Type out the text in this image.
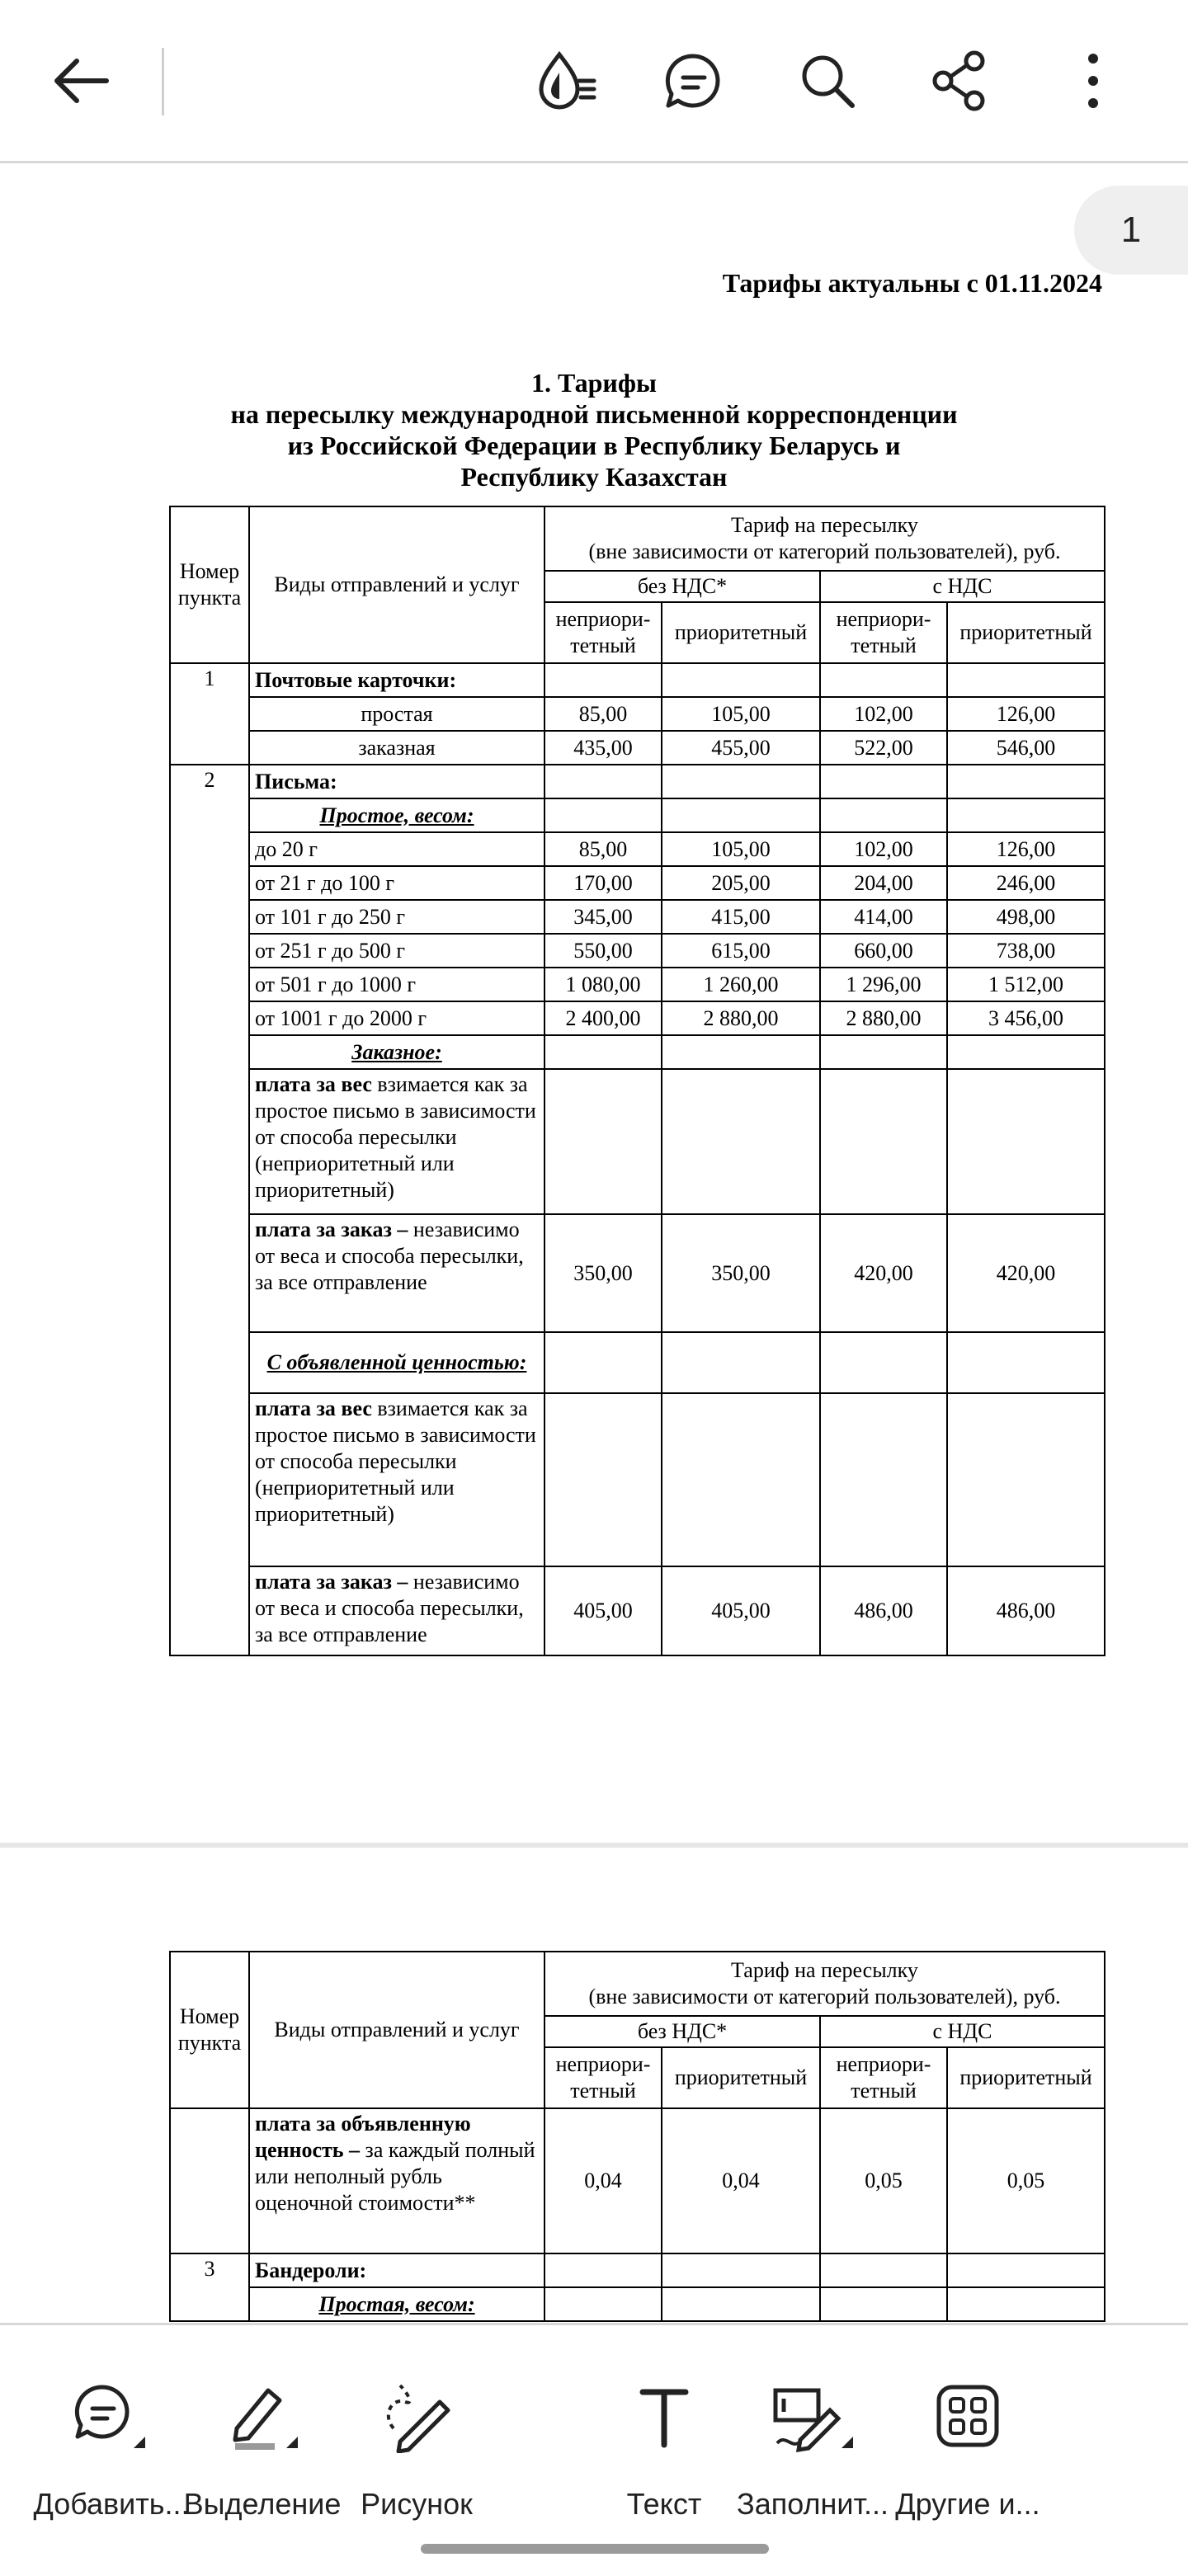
1
Тарифы актуальны с 01.11.2024
1. Тарифы
на пересылку международной письменной корреспонденции
из Российской Федерации в Республику Беларусь и
Республику Казахстан
Номер пункта	Виды отправлений и услуг	Тариф на пересылку
(вне зависимости от категорий пользователей), руб.			

		без НДС*		с НДС	
		неприори-тетный	приоритетный	неприори-тетный	приоритетный
1	Почтовые карточки:				
	простая	85,00	105,00	102,00	126,00
	заказная	435,00	455,00	522,00	546,00
2	Письма:				
	Простое, весом:				
	до 20 г	85,00	105,00	102,00	126,00
	от 21 г до 100 г	170,00	205,00	204,00	246,00
	от 101 г до 250 г	345,00	415,00	414,00	498,00
	от 251 г до 500 г	550,00	615,00	660,00	738,00
	от 501 г до 1000 г	1 080,00	1 260,00	1 296,00	1 512,00
	от 1001 г до 2000 г	2 400,00	2 880,00	2 880,00	3 456,00
	Заказное:				
	плата за вес взимается как за простое письмо в зависимости от способа пересылки (неприоритетный или приоритетный)				
	плата за заказ – независимо от веса и способа пересылки, за все отправление	350,00	350,00	420,00	420,00
	С объявленной ценностью:				
	плата за вес взимается как за простое письмо в зависимости от способа пересылки (неприоритетный или приоритетный)				
	плата за заказ – независимо от веса и способа пересылки, за все отправление	405,00	405,00	486,00	486,00
Номер пункта	Виды отправлений и услуг	Тариф на пересылку
(вне зависимости от категорий пользователей), руб.			

		без НДС*		с НДС	
		неприори-тетный	приоритетный	неприори-тетный	приоритетный
	плата за объявленную ценность – за каждый полный или неполный рубль оценочной стоимости**	0,04	0,04	0,05	0,05
3	Бандероли:				
	Простая, весом:				
Добавить...
Выделение Рисунок	Текст	Заполнит... Другие и...
